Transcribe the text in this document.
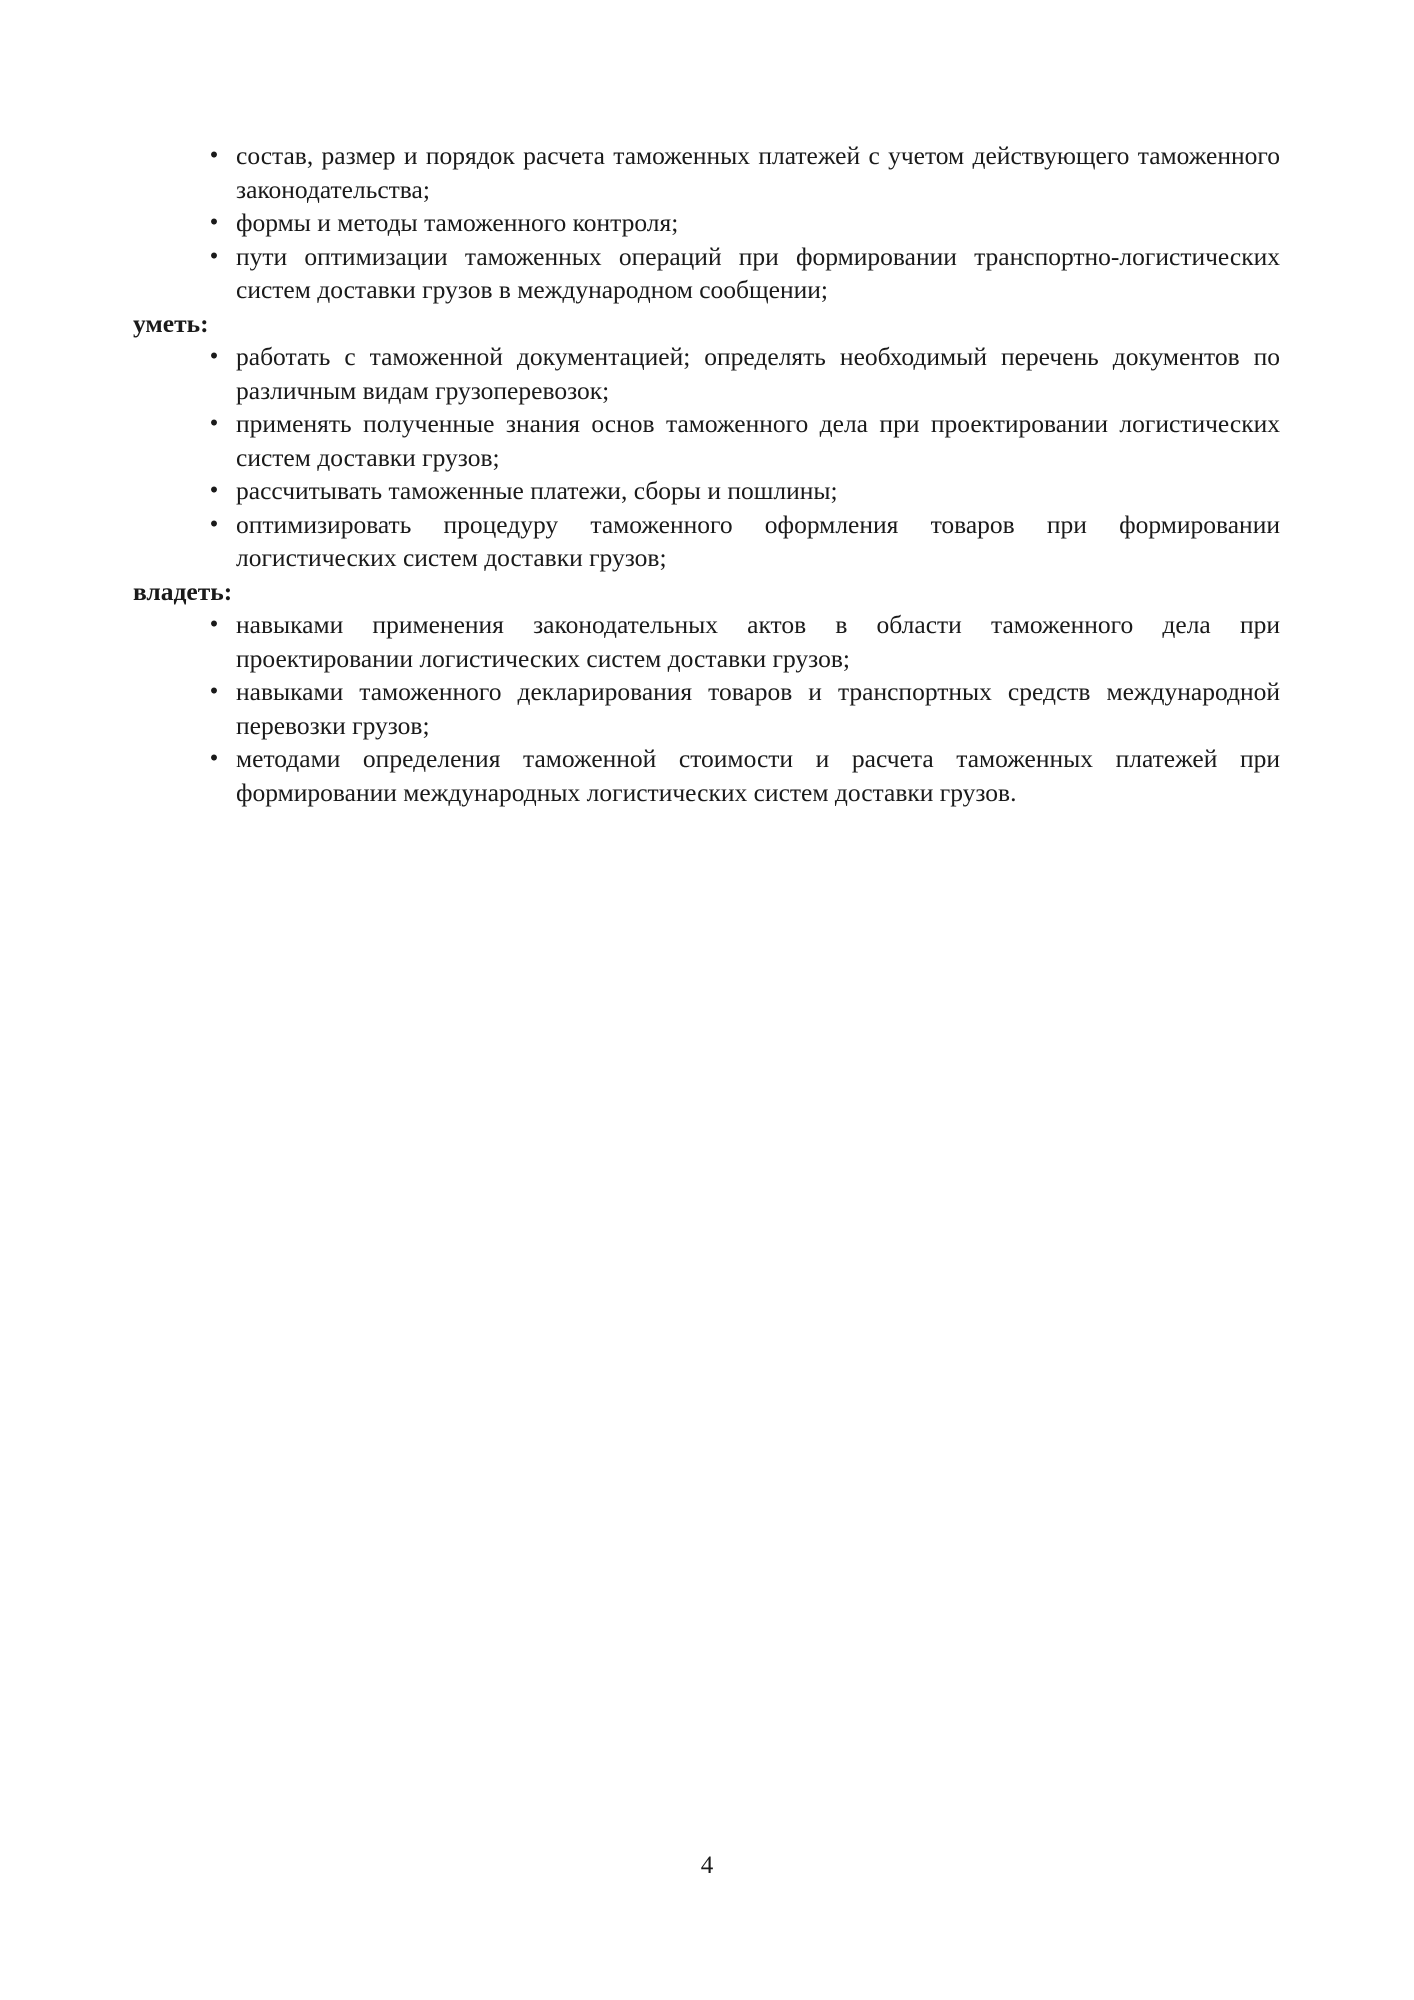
• состав, размер и порядок расчета таможенных платежей с учетом действующего таможенного законодательства;
• формы и методы таможенного контроля;
• пути оптимизации таможенных операций при формировании транспортно-логистических систем доставки грузов в международном сообщении;

уметь:

• работать с таможенной документацией; определять необходимый перечень документов по различным видам грузоперевозок;
• применять полученные знания основ таможенного дела при проектировании логистических систем доставки грузов;
• рассчитывать таможенные платежи, сборы и пошлины;
• оптимизировать процедуру таможенного оформления товаров при формировании логистических систем доставки грузов;

владеть:

• навыками применения законодательных актов в области таможенного дела при проектировании логистических систем доставки грузов;
• навыками таможенного декларирования товаров и транспортных средств международной перевозки грузов;
• методами определения таможенной стоимости и расчета таможенных платежей при формировании международных логистических систем доставки грузов.
4
